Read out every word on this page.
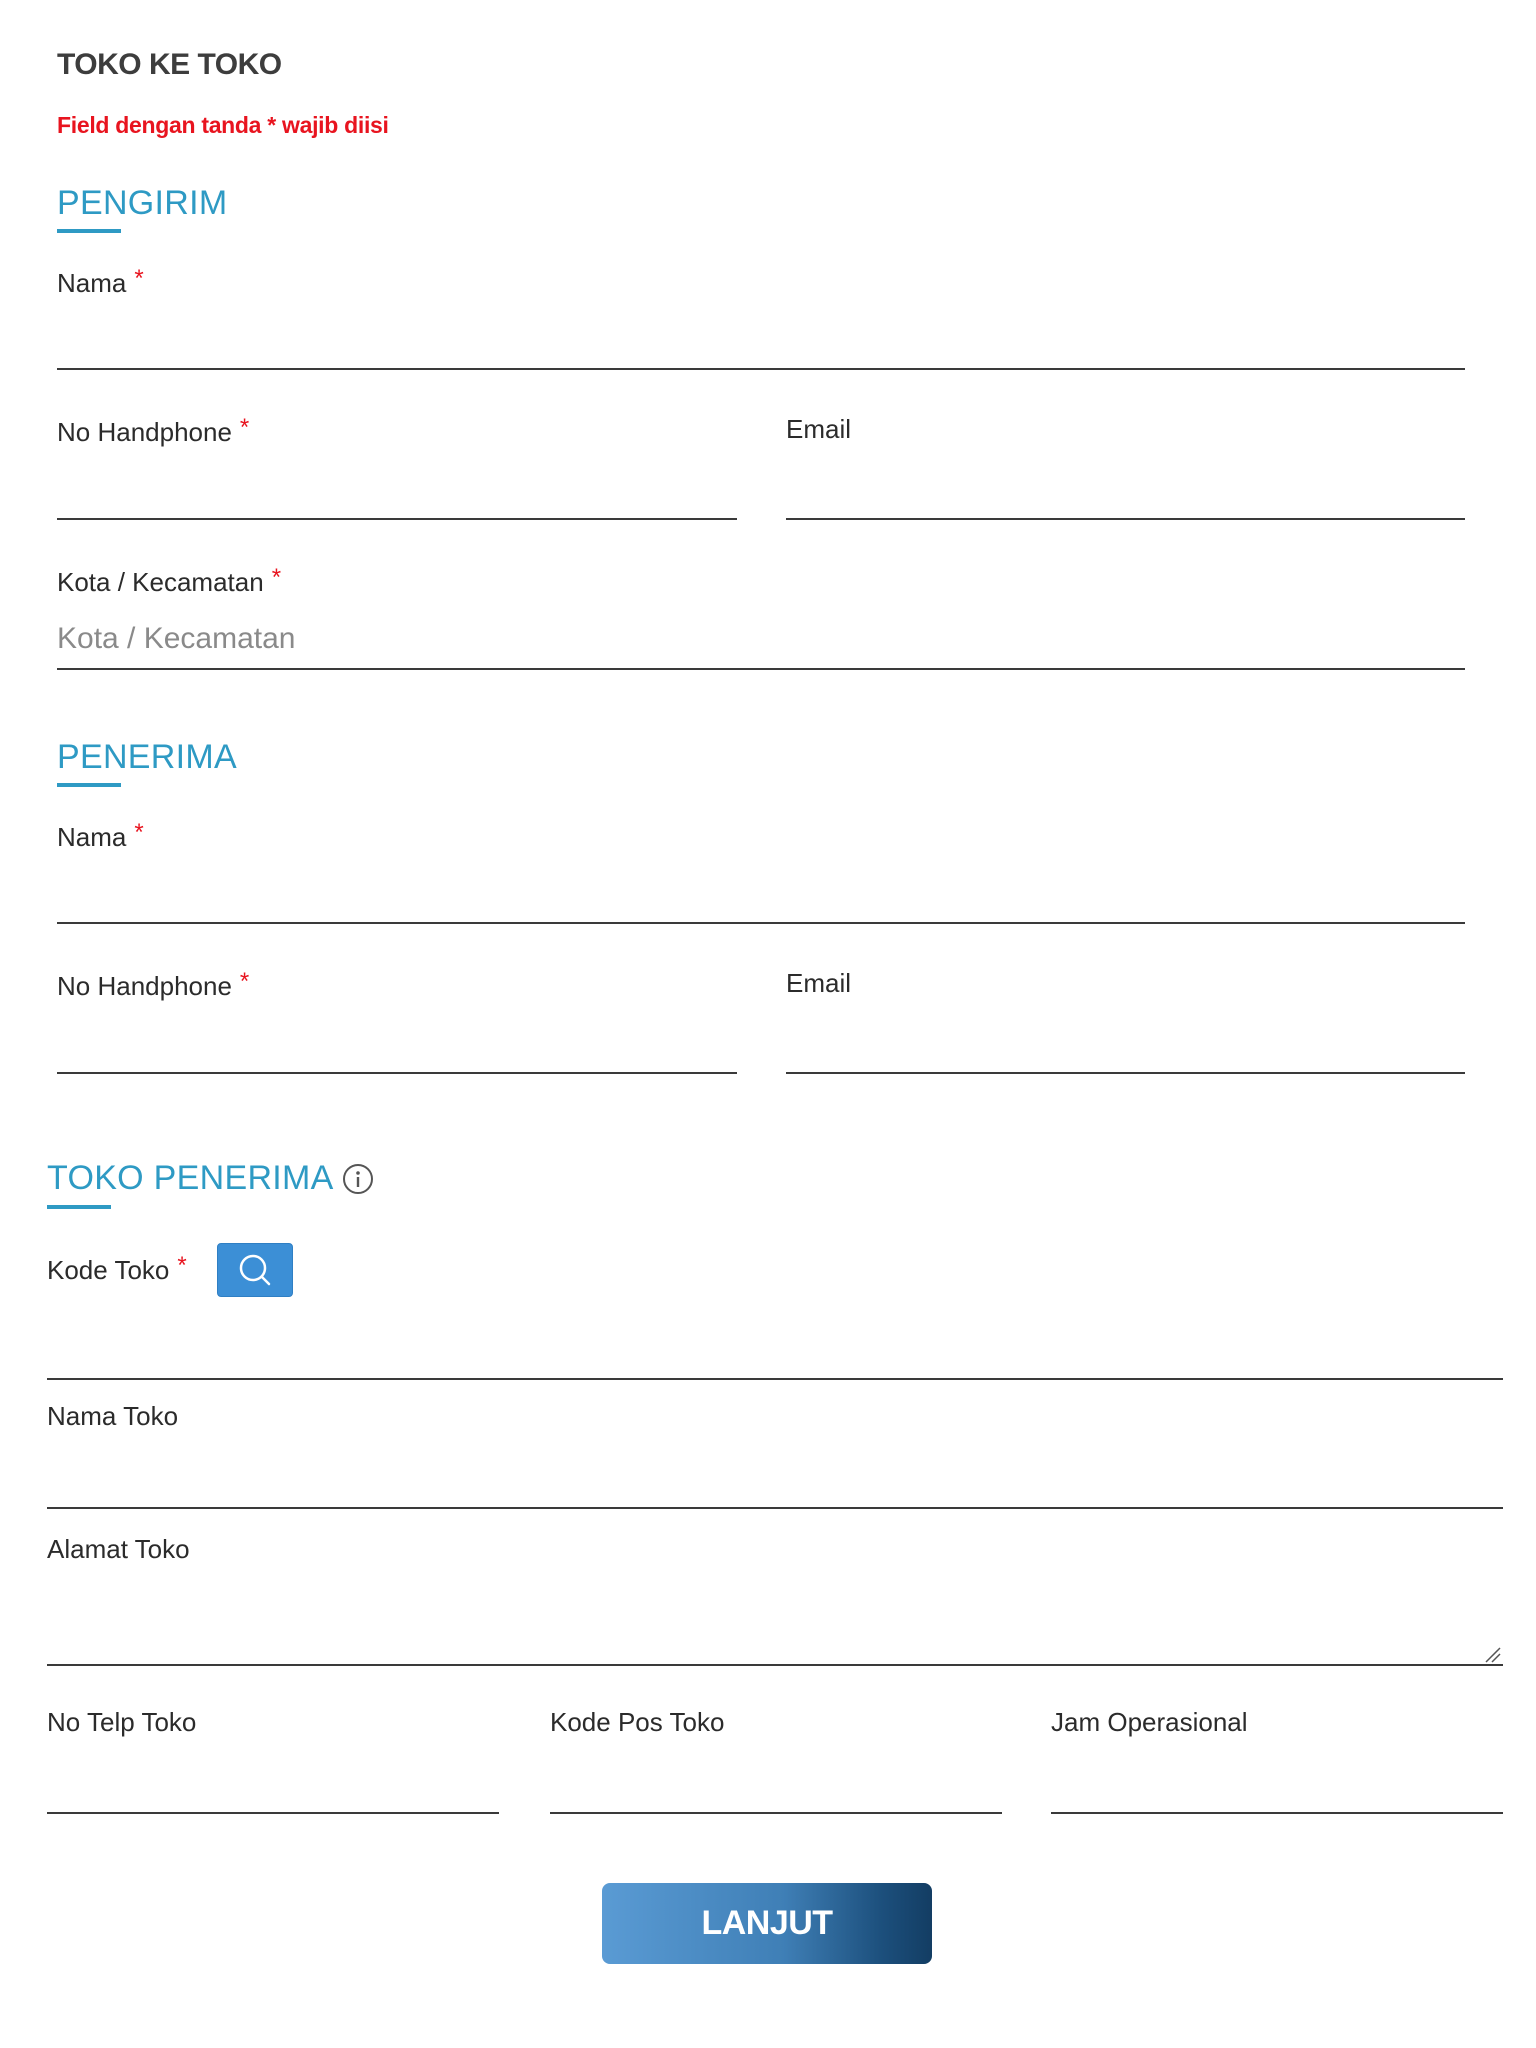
TOKO KE TOKO
Field dengan tanda * wajib diisi
PENGIRIM
Nama *
No Handphone *	Email
Kota / Kecamatan *
Kota / Kecamatan
PENERIMA
Nama *
No Handphone *	Email
TOKO PENERIMA
Kode Toko *
Nama Toko
Alamat Toko
No Telp Toko	Kode Pos Toko	Jam Operasional
LANJUT
